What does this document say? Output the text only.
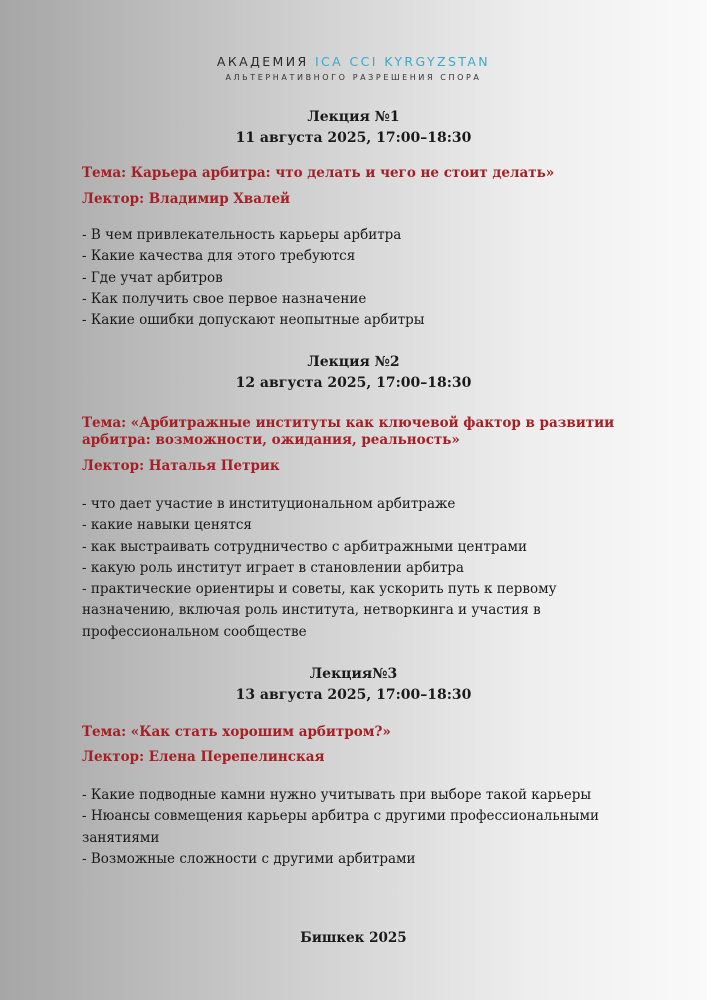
АКАДЕМИЯ ICA CCI KYRGYZSTAN
АЛЬТЕРНАТИВНОГО РАЗРЕШЕНИЯ СПОРА
Лекция №1
11 августа 2025, 17:00–18:30
Тема: Карьера арбитра: что делать и чего не стоит делать»
Лектор: Владимир Хвалей
- В чем привлекательность карьеры арбитра
- Какие качества для этого требуются
- Где учат арбитров
- Как получить свое первое назначение
- Какие ошибки допускают неопытные арбитры
Лекция №2
12 августа 2025, 17:00–18:30
Тема: «Арбитражные институты как ключевой фактор в развитии арбитра: возможности, ожидания, реальность»
Лектор: Наталья Петрик
- что дает участие в институциональном арбитраже
- какие навыки ценятся
- как выстраивать сотрудничество с арбитражными центрами
- какую роль институт играет в становлении арбитра
- практические ориентиры и советы, как ускорить путь к первому назначению, включая роль института, нетворкинга и участия в профессиональном сообществе
Лекция№3
13 августа 2025, 17:00–18:30
Тема: «Как стать хорошим арбитром?»
Лектор: Елена Перепелинская
- Какие подводные камни нужно учитывать при выборе такой карьеры
- Нюансы совмещения карьеры арбитра с другими профессиональными занятиями
- Возможные сложности с другими арбитрами
Бишкек 2025
